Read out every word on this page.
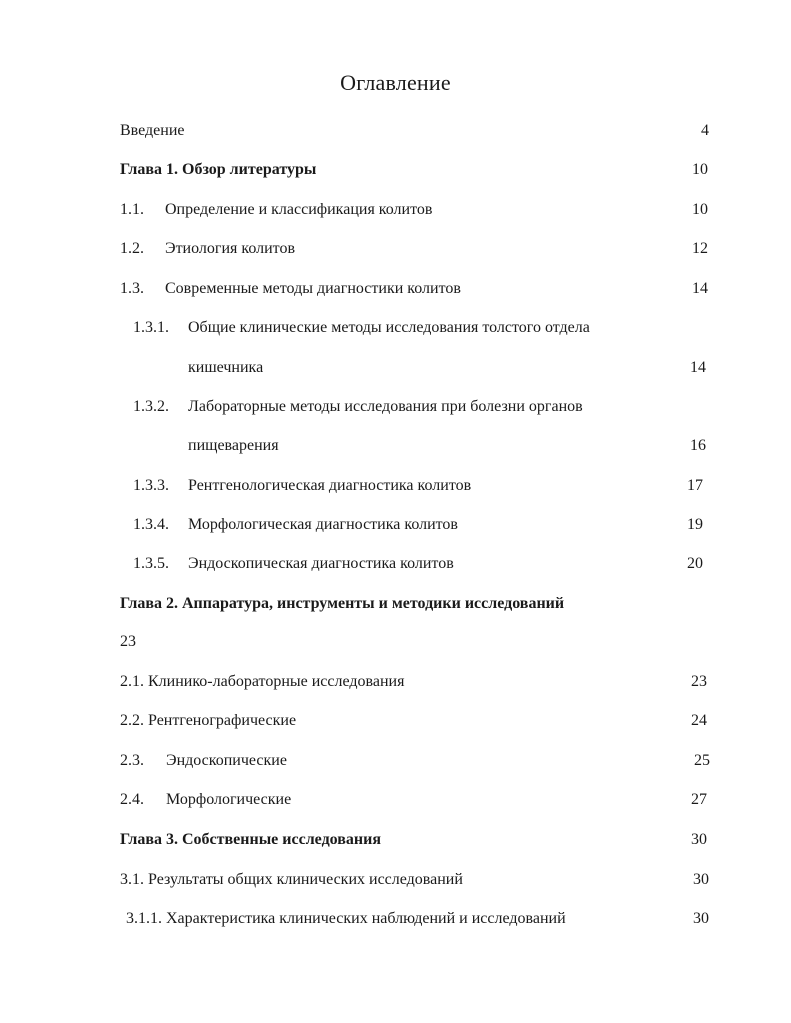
Оглавление
Введение	4
Глава 1. Обзор литературы	10
1.1. Определение и классификация колитов	10
1.2. Этиология колитов	12
1.3. Современные методы диагностики колитов	14
1.3.1. Общие клинические методы исследования толстого отдела
кишечника	14
1.3.2. Лабораторные методы исследования при болезни органов
пищеварения	16
1.3.3. Рентгенологическая диагностика колитов	17
1.3.4. Морфологическая диагностика колитов	19
1.3.5. Эндоскопическая диагностика колитов	20
Глава 2. Аппаратура, инструменты и методики исследований
23
2.1. Клинико-лабораторные исследования	23
2.2. Рентгенографические	24
2.3. Эндоскопические	25
2.4. Морфологические	27
Глава 3. Собственные исследования	30
3.1. Результаты общих клинических исследований	30
3.1.1. Характеристика клинических наблюдений и исследований	30
